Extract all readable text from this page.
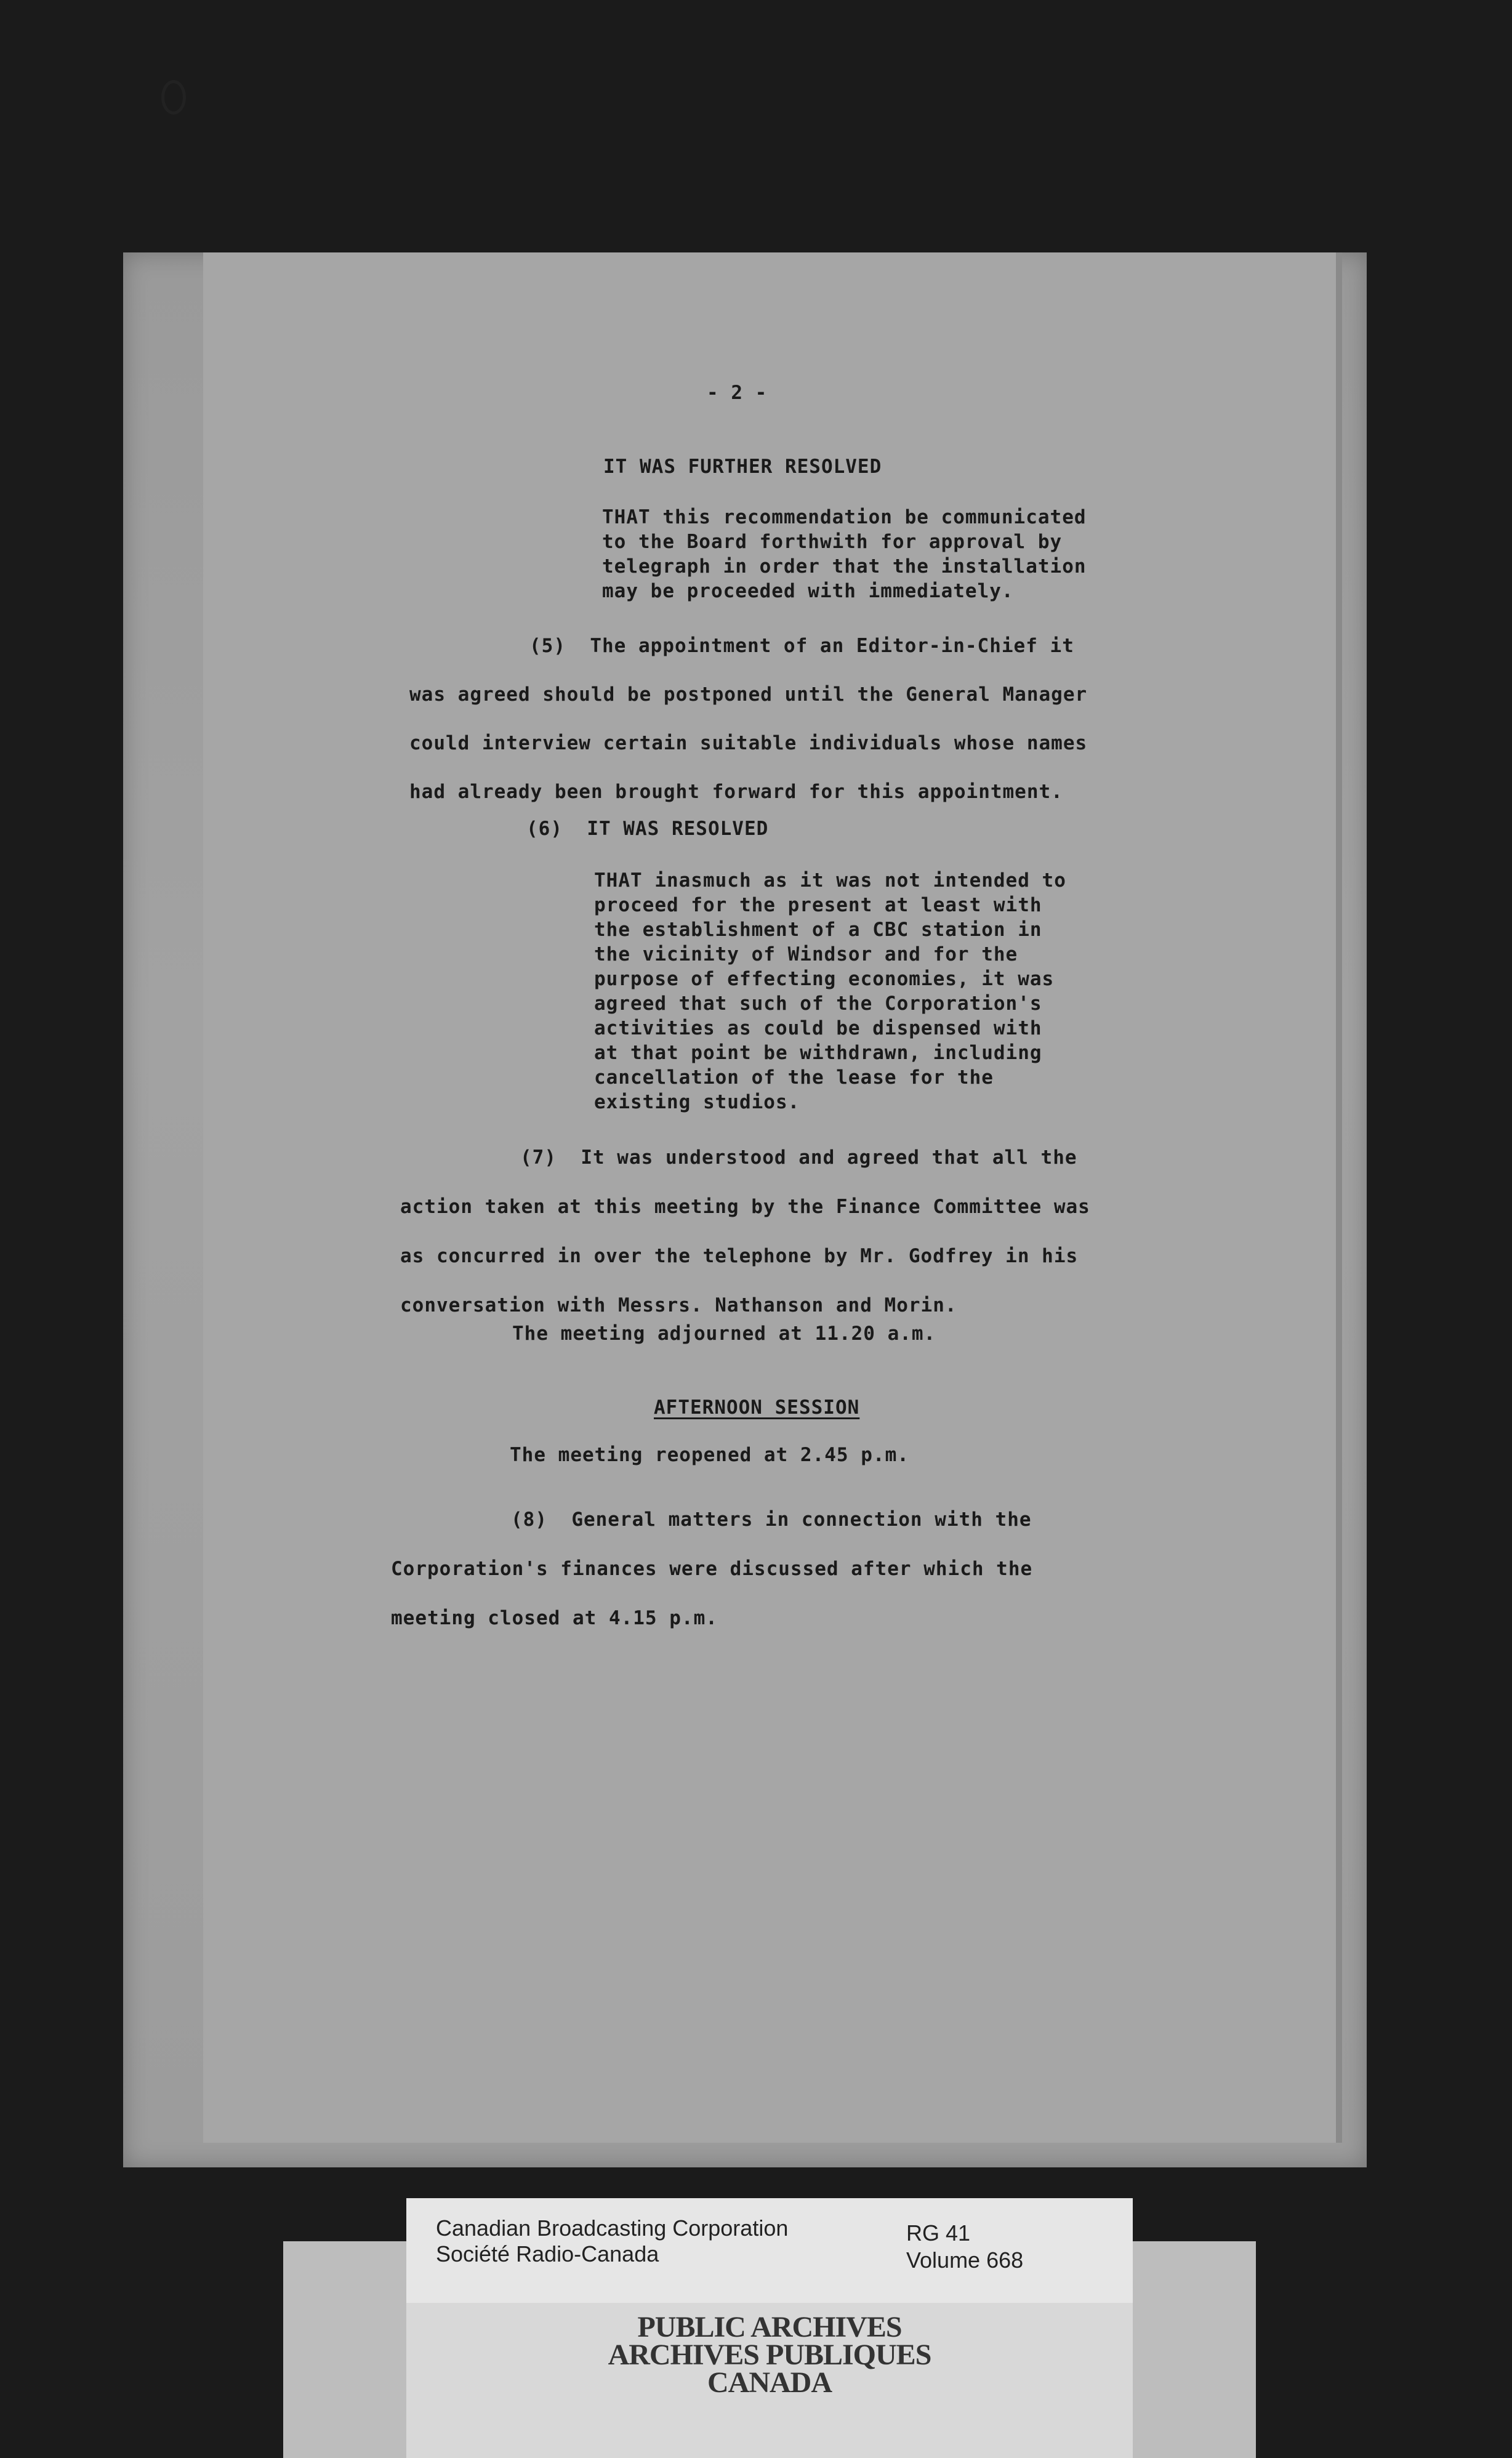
- 2 -
IT WAS FURTHER RESOLVED
THAT this recommendation be communicated
to the Board forthwith for approval by
telegraph in order that the installation
may be proceeded with immediately.
(5)  The appointment of an Editor-in-Chief it
was agreed should be postponed until the General Manager
could interview certain suitable individuals whose names
had already been brought forward for this appointment.
(6)  IT WAS RESOLVED
THAT inasmuch as it was not intended to
proceed for the present at least with
the establishment of a CBC station in
the vicinity of Windsor and for the
purpose of effecting economies, it was
agreed that such of the Corporation's
activities as could be dispensed with
at that point be withdrawn, including
cancellation of the lease for the
existing studios.
(7)  It was understood and agreed that all the
action taken at this meeting by the Finance Committee was
as concurred in over the telephone by Mr. Godfrey in his
conversation with Messrs. Nathanson and Morin.
The meeting adjourned at 11.20 a.m.
AFTERNOON SESSION
The meeting reopened at 2.45 p.m.
(8)  General matters in connection with the
Corporation's finances were discussed after which the
meeting closed at 4.15 p.m.
Canadian Broadcasting Corporation
Société Radio-Canada
RG 41
Volume 668
PUBLIC ARCHIVES
ARCHIVES PUBLIQUES
CANADA
